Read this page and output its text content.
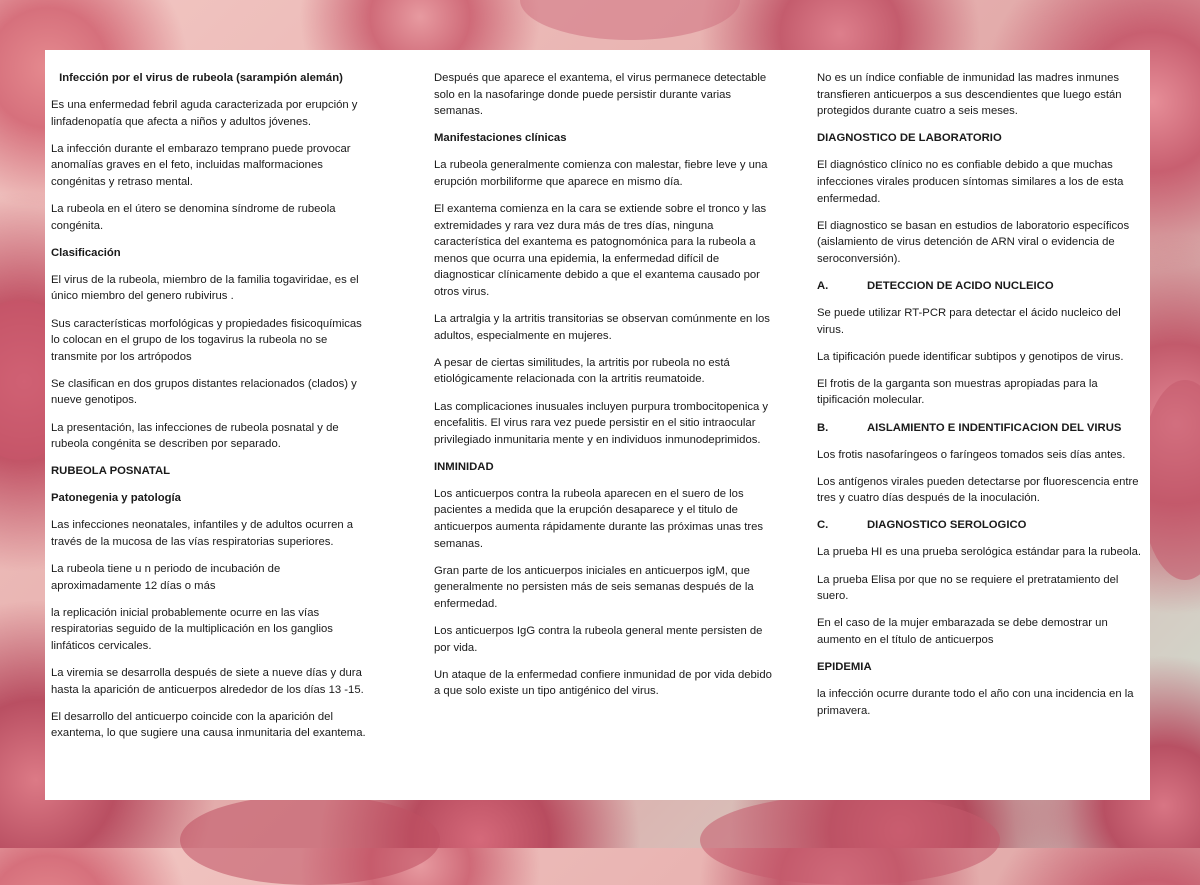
Infección por el virus de rubeola (sarampión alemán)

Es una enfermedad febril aguda caracterizada por erupción y linfadenopatía que afecta a niños y adultos jóvenes.

La infección durante el embarazo temprano puede provocar anomalías graves en el feto, incluidas malformaciones congénitas y retraso mental.

La rubeola en el útero se denomina síndrome de rubeola congénita.

Clasificación

El virus de la rubeola, miembro de la familia togaviridae, es el único miembro del genero rubivirus .

Sus características morfológicas y propiedades fisicoquímicas lo colocan en el grupo de los togavirus la rubeola no se transmite por los artrópodos

Se clasifican en dos grupos distantes relacionados (clados) y nueve genotipos.

La presentación, las infecciones de rubeola posnatal y de rubeola congénita se describen por separado.

RUBEOLA POSNATAL

Patonegenia y patología

Las infecciones neonatales, infantiles y de adultos ocurren a través de la mucosa de las vías respiratorias superiores.

La rubeola tiene u n periodo de incubación de aproximadamente 12 días o más

la replicación inicial probablemente ocurre en las vías respiratorias seguido de la multiplicación en los ganglios linfáticos cervicales.

La viremia se desarrolla después de siete a nueve días y dura hasta la aparición de anticuerpos alrededor de los días 13 -15.

El desarrollo del anticuerpo coincide con la aparición del exantema, lo que sugiere una causa inmunitaria del exantema.

Después que aparece el exantema, el virus permanece detectable solo en la nasofaringe donde puede persistir durante varias semanas.

Manifestaciones clínicas

La rubeola generalmente comienza con malestar, fiebre leve y una erupción morbiliforme que aparece en mismo día.

El exantema comienza en la cara se extiende sobre el tronco y las extremidades y rara vez dura más de tres días, ninguna característica del exantema es patognomónica para la rubeola a menos que ocurra una epidemia, la enfermedad difícil de diagnosticar clínicamente debido a que el exantema causado por otros virus.

La artralgia y la artritis transitorias se observan comúnmente en los adultos, especialmente en mujeres.

A pesar de ciertas similitudes, la artritis por rubeola no está etiológicamente relacionada con la artritis reumatoide.

Las complicaciones inusuales incluyen purpura trombocitopenica y encefalitis. El virus rara vez puede persistir en el sitio intraocular privilegiado inmunitaria mente y en individuos inmunodeprimidos.

INMINIDAD

Los anticuerpos contra la rubeola aparecen en el suero de los pacientes a medida que la erupción desaparece y el titulo de anticuerpos aumenta rápidamente durante las próximas unas tres semanas.

Gran parte de los anticuerpos iniciales en anticuerpos igM, que generalmente no persisten más de seis semanas después de la enfermedad.

Los anticuerpos IgG contra la rubeola general mente persisten de por vida.

Un ataque de la enfermedad confiere inmunidad de por vida debido a que solo existe un tipo antigénico del virus.

No es un índice confiable de inmunidad las madres inmunes transfieren anticuerpos a sus descendientes que luego están protegidos durante cuatro a seis meses.

DIAGNOSTICO DE LABORATORIO

El diagnóstico clínico no es confiable debido a que muchas infecciones virales producen síntomas similares a los de esta enfermedad.

El diagnostico se basan en estudios de laboratorio específicos (aislamiento de virus detención de ARN viral o evidencia de seroconversión).

A.	DETECCION DE ACIDO NUCLEICO

Se puede utilizar RT-PCR para detectar el ácido nucleico del virus.

La tipificación puede identificar subtipos y genotipos de virus.

El frotis de la garganta son muestras apropiadas para la tipificación molecular.

B.	AISLAMIENTO E INDENTIFICACION DEL VIRUS

Los frotis nasofaríngeos o faríngeos tomados seis días antes.

Los antígenos virales pueden detectarse por fluorescencia entre tres y cuatro días después de la inoculación.

C.	DIAGNOSTICO SEROLOGICO

La prueba HI es una prueba serológica estándar para la rubeola.

La prueba Elisa por que no se requiere el pretratamiento del suero.

En el caso de la mujer embarazada se debe demostrar un aumento en el título de anticuerpos

EPIDEMIA

la infección ocurre durante todo el año con una incidencia en la primavera.
